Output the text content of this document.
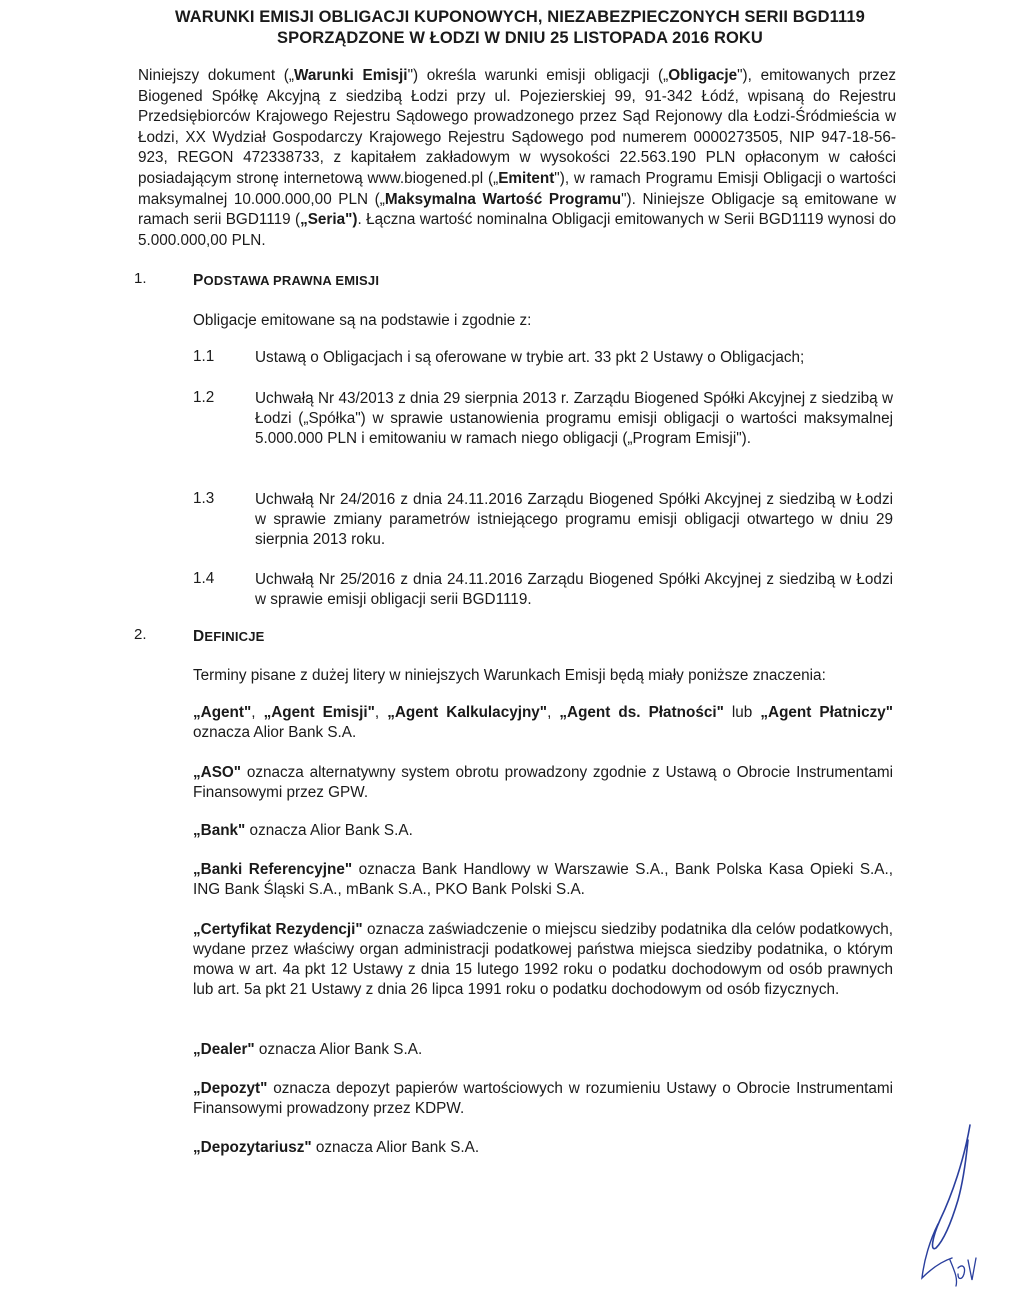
WARUNKI EMISJI OBLIGACJI KUPONOWYCH, NIEZABEZPIECZONYCH SERII BGD1119
SPORZĄDZONE W ŁODZI W DNIU 25 LISTOPADA 2016 ROKU
Niniejszy dokument („Warunki Emisji") określa warunki emisji obligacji („Obligacje"), emitowanych przez Biogened Spółkę Akcyjną z siedzibą Łodzi przy ul. Pojezierskiej 99, 91-342 Łódź, wpisaną do Rejestru Przedsiębiorców Krajowego Rejestru Sądowego prowadzonego przez Sąd Rejonowy dla Łodzi-Śródmieścia w Łodzi, XX Wydział Gospodarczy Krajowego Rejestru Sądowego pod numerem 0000273505, NIP 947-18-56-923, REGON 472338733, z kapitałem zakładowym w wysokości 22.563.190 PLN opłaconym w całości posiadającym stronę internetową www.biogened.pl („Emitent"), w ramach Programu Emisji Obligacji o wartości maksymalnej 10.000.000,00 PLN („Maksymalna Wartość Programu"). Niniejsze Obligacje są emitowane w ramach serii BGD1119 („Seria"). Łączna wartość nominalna Obligacji emitowanych w Serii BGD1119 wynosi do 5.000.000,00 PLN.
1.	PODSTAWA PRAWNA EMISJI
Obligacje emitowane są na podstawie i zgodnie z:
1.1	Ustawą o Obligacjach i są oferowane w trybie art. 33 pkt 2 Ustawy o Obligacjach;
1.2	Uchwałą Nr 43/2013 z dnia 29 sierpnia 2013 r. Zarządu Biogened Spółki Akcyjnej z siedzibą w Łodzi („Spółka") w sprawie ustanowienia programu emisji obligacji o wartości maksymalnej 5.000.000 PLN i emitowaniu w ramach niego obligacji („Program Emisji").
1.3	Uchwałą Nr 24/2016 z dnia 24.11.2016 Zarządu Biogened Spółki Akcyjnej z siedzibą w Łodzi w sprawie zmiany parametrów istniejącego programu emisji obligacji otwartego w dniu 29 sierpnia 2013 roku.
1.4	Uchwałą Nr 25/2016 z dnia 24.11.2016 Zarządu Biogened Spółki Akcyjnej z siedzibą w Łodzi w sprawie emisji obligacji serii BGD1119.
2.	DEFINICJE
Terminy pisane z dużej litery w niniejszych Warunkach Emisji będą miały poniższe znaczenia:
„Agent", „Agent Emisji", „Agent Kalkulacyjny", „Agent ds. Płatności" lub „Agent Płatniczy" oznacza Alior Bank S.A.
„ASO" oznacza alternatywny system obrotu prowadzony zgodnie z Ustawą o Obrocie Instrumentami Finansowymi przez GPW.
„Bank" oznacza Alior Bank S.A.
„Banki Referencyjne" oznacza Bank Handlowy w Warszawie S.A., Bank Polska Kasa Opieki S.A., ING Bank Śląski S.A., mBank S.A., PKO Bank Polski S.A.
„Certyfikat Rezydencji" oznacza zaświadczenie o miejscu siedziby podatnika dla celów podatkowych, wydane przez właściwy organ administracji podatkowej państwa miejsca siedziby podatnika, o którym mowa w art. 4a pkt 12 Ustawy z dnia 15 lutego 1992 roku o podatku dochodowym od osób prawnych lub art. 5a pkt 21 Ustawy z dnia 26 lipca 1991 roku o podatku dochodowym od osób fizycznych.
„Dealer" oznacza Alior Bank S.A.
„Depozyt" oznacza depozyt papierów wartościowych w rozumieniu Ustawy o Obrocie Instrumentami Finansowymi prowadzony przez KDPW.
„Depozytariusz" oznacza Alior Bank S.A.
